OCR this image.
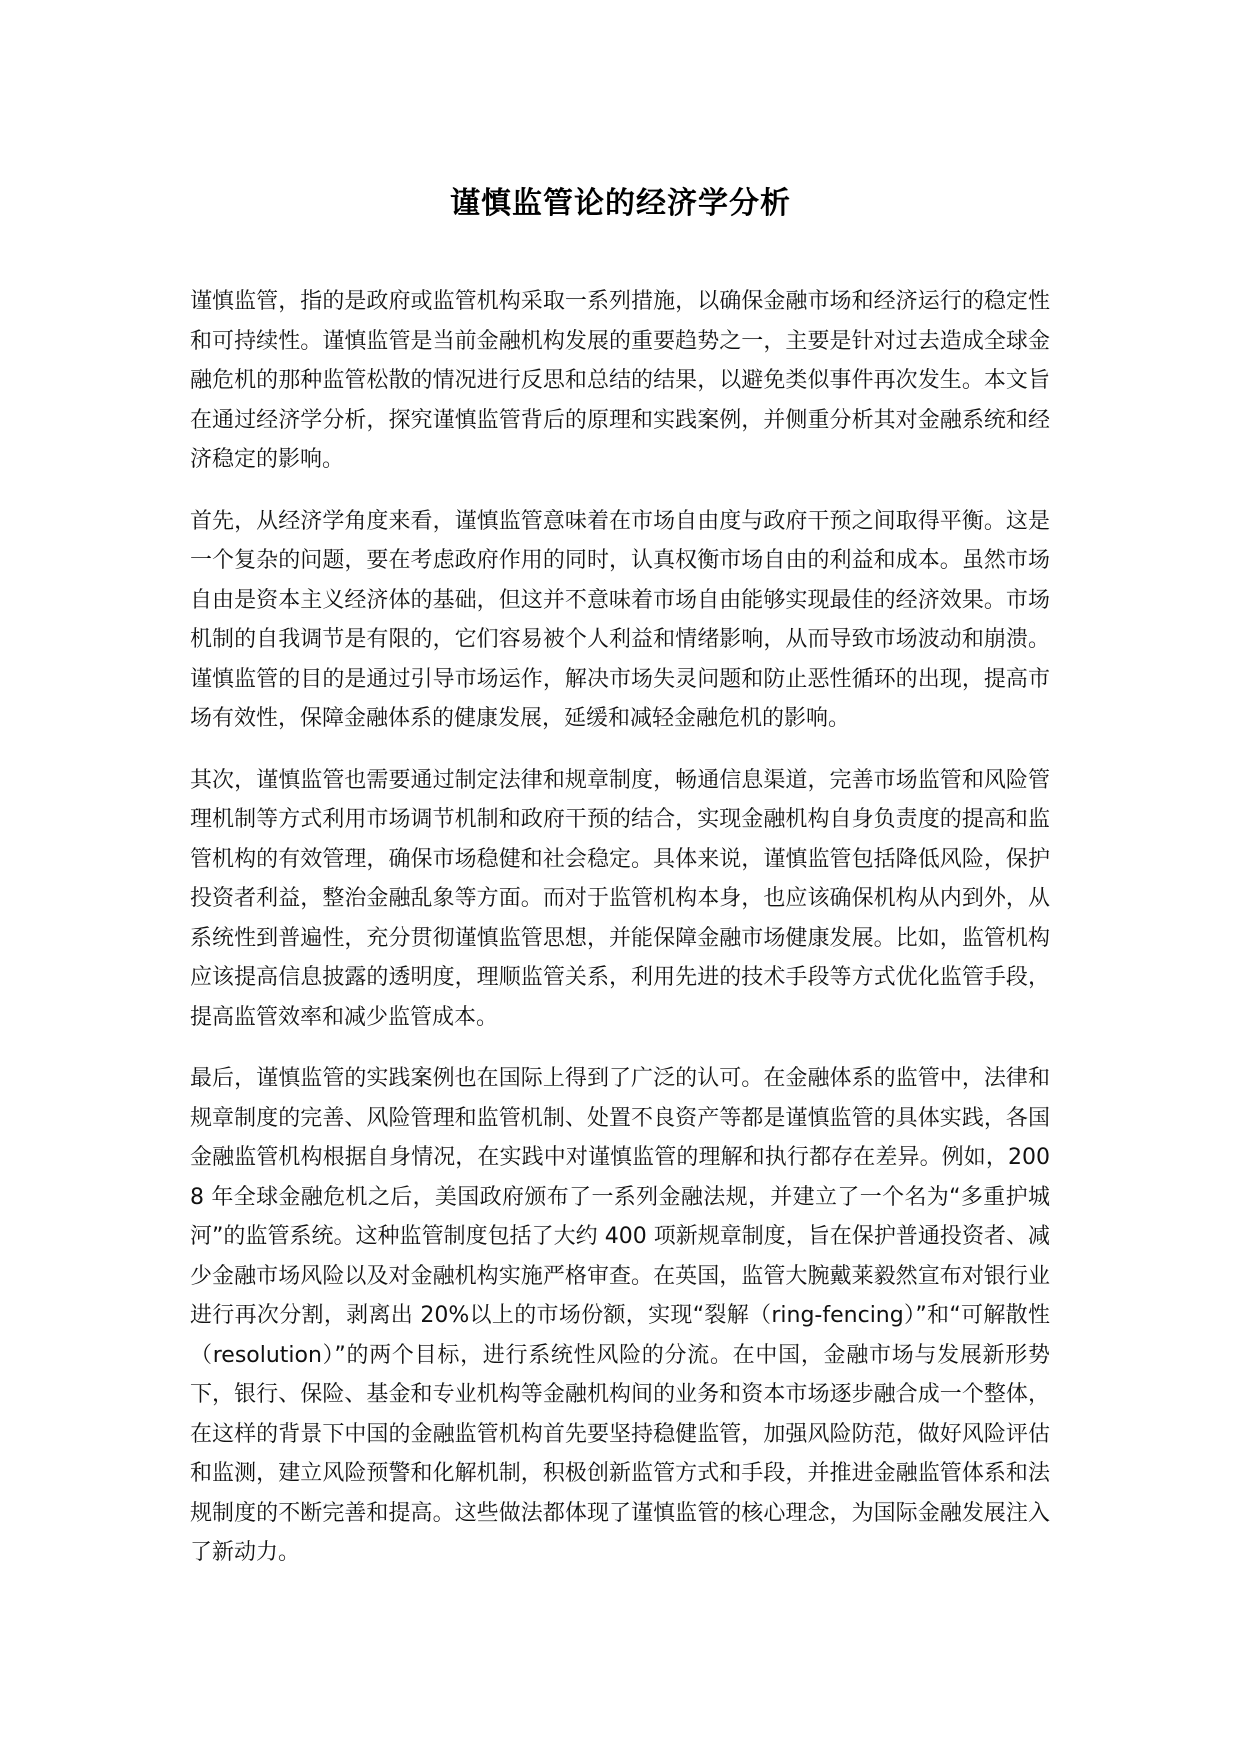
谨慎监管论的经济学分析

谨慎监管，指的是政府或监管机构采取一系列措施，以确保金融市场和经济运行的稳定性和可持续性。谨慎监管是当前金融机构发展的重要趋势之一，主要是针对过去造成全球金融危机的那种监管松散的情况进行反思和总结的结果，以避免类似事件再次发生。本文旨在通过经济学分析，探究谨慎监管背后的原理和实践案例，并侧重分析其对金融系统和经济稳定的影响。

首先，从经济学角度来看，谨慎监管意味着在市场自由度与政府干预之间取得平衡。这是一个复杂的问题，要在考虑政府作用的同时，认真权衡市场自由的利益和成本。虽然市场自由是资本主义经济体的基础，但这并不意味着市场自由能够实现最佳的经济效果。市场机制的自我调节是有限的，它们容易被个人利益和情绪影响，从而导致市场波动和崩溃。谨慎监管的目的是通过引导市场运作，解决市场失灵问题和防止恶性循环的出现，提高市场有效性，保障金融体系的健康发展，延缓和减轻金融危机的影响。

其次，谨慎监管也需要通过制定法律和规章制度，畅通信息渠道，完善市场监管和风险管理机制等方式利用市场调节机制和政府干预的结合，实现金融机构自身负责度的提高和监管机构的有效管理，确保市场稳健和社会稳定。具体来说，谨慎监管包括降低风险，保护投资者利益，整治金融乱象等方面。而对于监管机构本身，也应该确保机构从内到外，从系统性到普遍性，充分贯彻谨慎监管思想，并能保障金融市场健康发展。比如，监管机构应该提高信息披露的透明度，理顺监管关系，利用先进的技术手段等方式优化监管手段，提高监管效率和减少监管成本。

最后，谨慎监管的实践案例也在国际上得到了广泛的认可。在金融体系的监管中，法律和规章制度的完善、风险管理和监管机制、处置不良资产等都是谨慎监管的具体实践，各国金融监管机构根据自身情况，在实践中对谨慎监管的理解和执行都存在差异。例如，2008 年全球金融危机之后，美国政府颁布了一系列金融法规，并建立了一个名为“多重护城河”的监管系统。这种监管制度包括了大约 400 项新规章制度，旨在保护普通投资者、减少金融市场风险以及对金融机构实施严格审查。在英国，监管大腕戴莱毅然宣布对银行业进行再次分割，剥离出 20%以上的市场份额，实现“裂解（ring-fencing）”和“可解散性（resolution）”的两个目标，进行系统性风险的分流。在中国，金融市场与发展新形势下，银行、保险、基金和专业机构等金融机构间的业务和资本市场逐步融合成一个整体，在这样的背景下中国的金融监管机构首先要坚持稳健监管，加强风险防范，做好风险评估和监测，建立风险预警和化解机制，积极创新监管方式和手段，并推进金融监管体系和法规制度的不断完善和提高。这些做法都体现了谨慎监管的核心理念，为国际金融发展注入了新动力。
